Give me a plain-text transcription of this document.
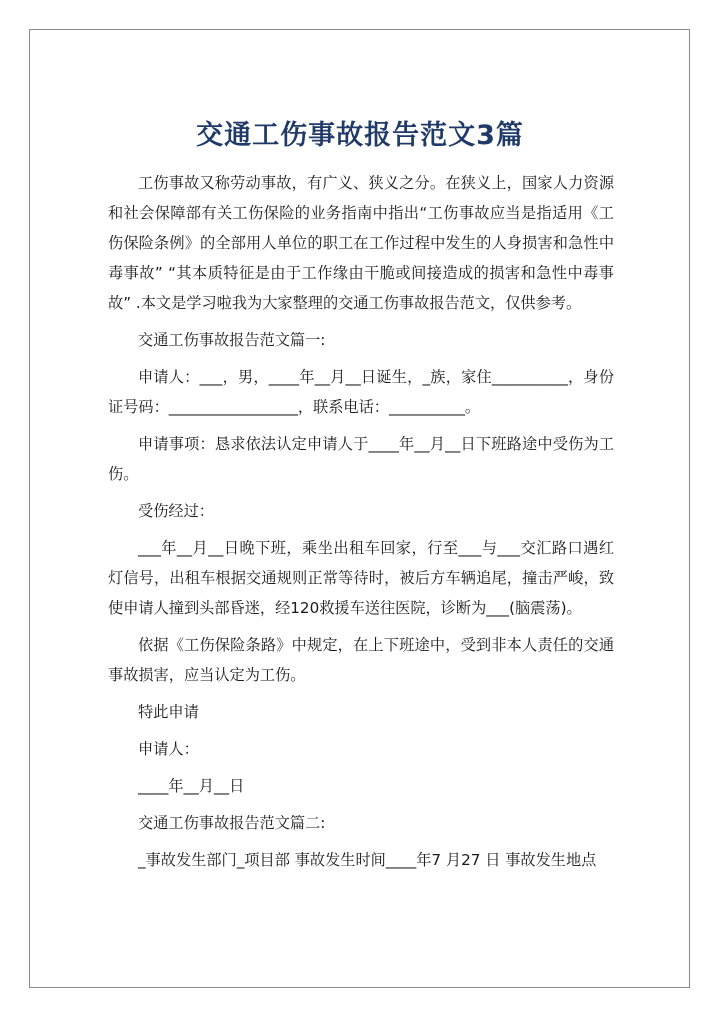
交通工伤事故报告范文3篇

工伤事故又称劳动事故，有广义、狭义之分。在狭义上，国家人力资源和社会保障部有关工伤保险的业务指南中指出“工伤事故应当是指适用《工伤保险条例》的全部用人单位的职工在工作过程中发生的人身损害和急性中毒事故” “其本质特征是由于工作缘由干脆或间接造成的损害和急性中毒事故” .本文是学习啦我为大家整理的交通工伤事故报告范文，仅供参考。

交通工伤事故报告范文篇一:

申请人：___，男，____年__月__日诞生，_族，家住__________，身份证号码：_________________，联系电话：__________。

申请事项：恳求依法认定申请人于____年__月__日下班路途中受伤为工伤。

受伤经过：

___年__月__日晚下班，乘坐出租车回家，行至___与___交汇路口遇红灯信号，出租车根据交通规则正常等待时，被后方车辆追尾，撞击严峻，致使申请人撞到头部昏迷，经120救援车送往医院，诊断为___(脑震荡)。

依据《工伤保险条路》中规定，在上下班途中，受到非本人责任的交通事故损害，应当认定为工伤。

特此申请

申请人：

____年__月__日

交通工伤事故报告范文篇二:

_事故发生部门_项目部 事故发生时间____年7 月27 日 事故发生地点
